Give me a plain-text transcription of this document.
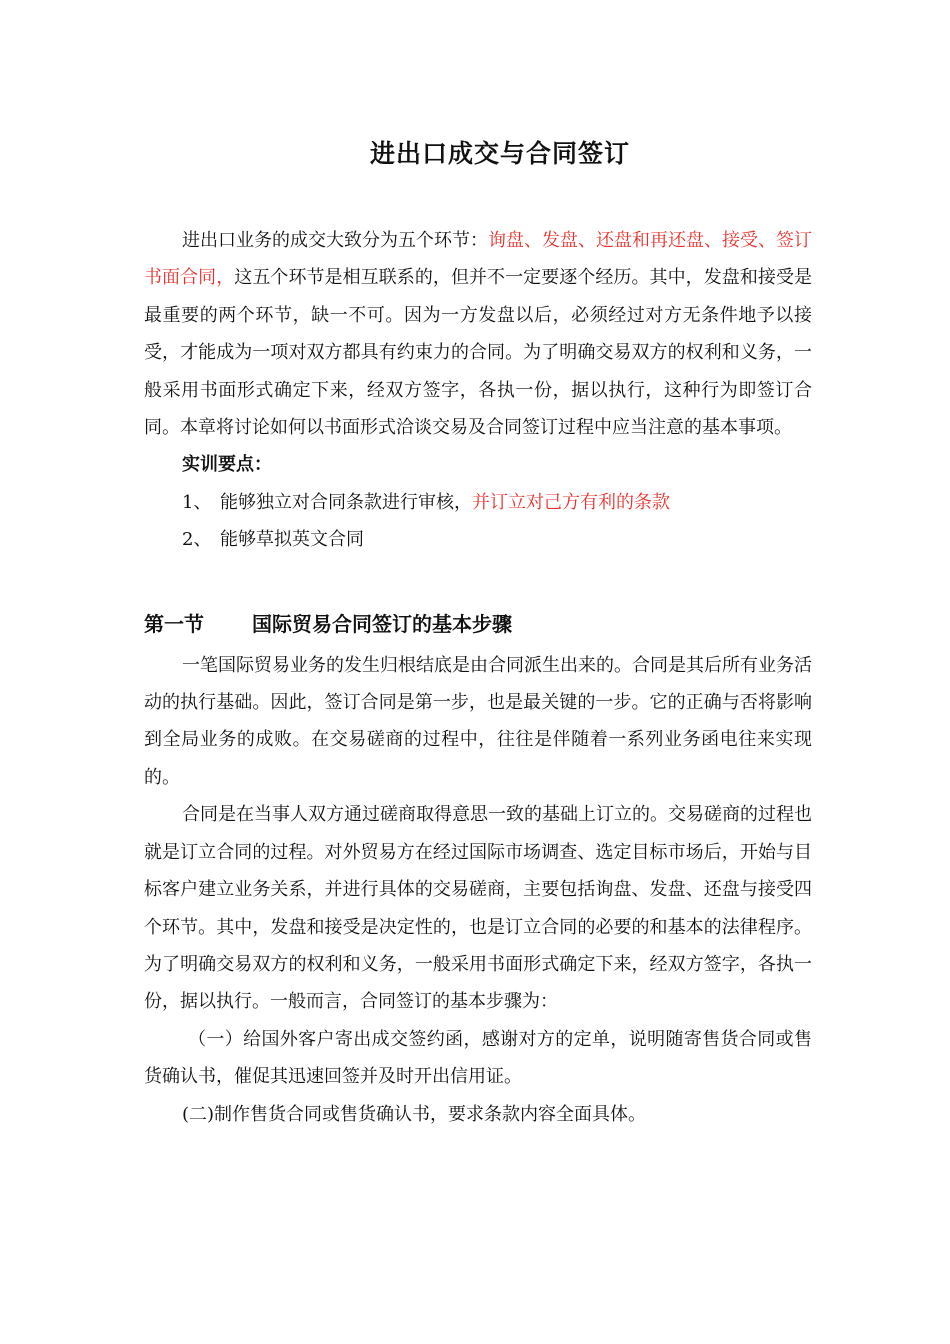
进出口成交与合同签订

进出口业务的成交大致分为五个环节：询盘、发盘、还盘和再还盘、接受、签订书面合同，这五个环节是相互联系的，但并不一定要逐个经历。其中，发盘和接受是最重要的两个环节，缺一不可。因为一方发盘以后，必须经过对方无条件地予以接受，才能成为一项对双方都具有约束力的合同。为了明确交易双方的权利和义务，一般采用书面形式确定下来，经双方签字，各执一份，据以执行，这种行为即签订合同。本章将讨论如何以书面形式洽谈交易及合同签订过程中应当注意的基本事项。

实训要点：

1、 能够独立对合同条款进行审核，并订立对己方有利的条款

2、 能够草拟英文合同

第一节 国际贸易合同签订的基本步骤

一笔国际贸易业务的发生归根结底是由合同派生出来的。合同是其后所有业务活动的执行基础。因此，签订合同是第一步，也是最关键的一步。它的正确与否将影响到全局业务的成败。在交易磋商的过程中，往往是伴随着一系列业务函电往来实现的。

合同是在当事人双方通过磋商取得意思一致的基础上订立的。交易磋商的过程也就是订立合同的过程。对外贸易方在经过国际市场调查、选定目标市场后，开始与目标客户建立业务关系，并进行具体的交易磋商，主要包括询盘、发盘、还盘与接受四个环节。其中，发盘和接受是决定性的，也是订立合同的必要的和基本的法律程序。为了明确交易双方的权利和义务，一般采用书面形式确定下来，经双方签字，各执一份，据以执行。一般而言，合同签订的基本步骤为：

（一）给国外客户寄出成交签约函，感谢对方的定单，说明随寄售货合同或售货确认书，催促其迅速回签并及时开出信用证。

(二)制作售货合同或售货确认书，要求条款内容全面具体。
